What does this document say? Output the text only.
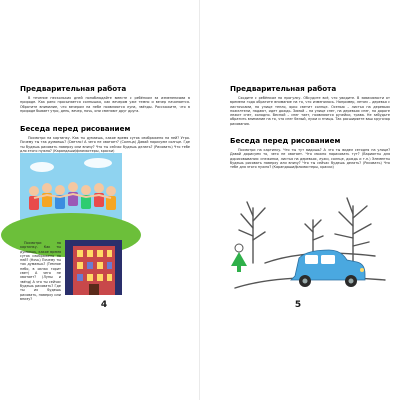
Предварительная работа

В течение нескольких дней понаблюдайте вместе с ребёнком за изменениями в природе. Как рано просыпается солнышко, как вечером уже темно и вечер начинается. Обратите внимание, что вечером на небе появляются луна, звёзды. Расскажите, что в природе бывает утро, день, вечер, ночь, они сменяют друг друга.

Беседа перед рисованием

Посмотри на картинку. Как ты думаешь, какое время суток изображено на ней? Утро. Почему ты так думаешь? (Светло! А чего не хватает? (Солнца) Давай нарисуем солнце. Где ты будешь рисовать наверху или внизу? Что ты сейчас будешь делать? (Рисовать) Что тебе для этого нужно? (Карандаши/фломастеры, краски)

Посмотри на картинку. Как ты думаешь, какое время суток изображено на ней? (Ночь) Почему ты так думаешь? (Темное небо, в окнах горит свет) А чего не хватает? (Луны и звёзд) А что ты сейчас будешь рисовать? Где ты их будешь рисовать, наверху или внизу?

4
Предварительная работа

Сходите с ребёнком на прогулку. Обсудите всё, что увидите. В зависимости от времени года обратите внимание на то, что изменилось. Например, летом – деревья с листочками, на улице тепло, ярко светит солнце. Осенью – листья на деревьях пожелтели, падают, идет дождь. Зимой – на улице снег, на деревьях снег, на дороге лежит снег, холодно. Весной – снег тает, появляются ручейки, трава. Не забудьте обратить внимание на то, что снег белый, лужи и птицы. Так расширяете ваш кругозор рисования.

Беседа перед рисованием

Посмотри на картинку. Что ты тут видишь? А что ты видел сегодня на улице? Давай дорисуем то, чего не хватает. Что можно нарисовать тут? (Варианты для дорисовывания: снежинки, листья на деревьях, лужи, солнце, дождь и т.п.) Элементы будешь рисовать наверху или внизу? Что ты сейчас будешь делать? (Рисовать) Что тебе для этого нужно? (Карандаши/фломастеры, краски)

5
